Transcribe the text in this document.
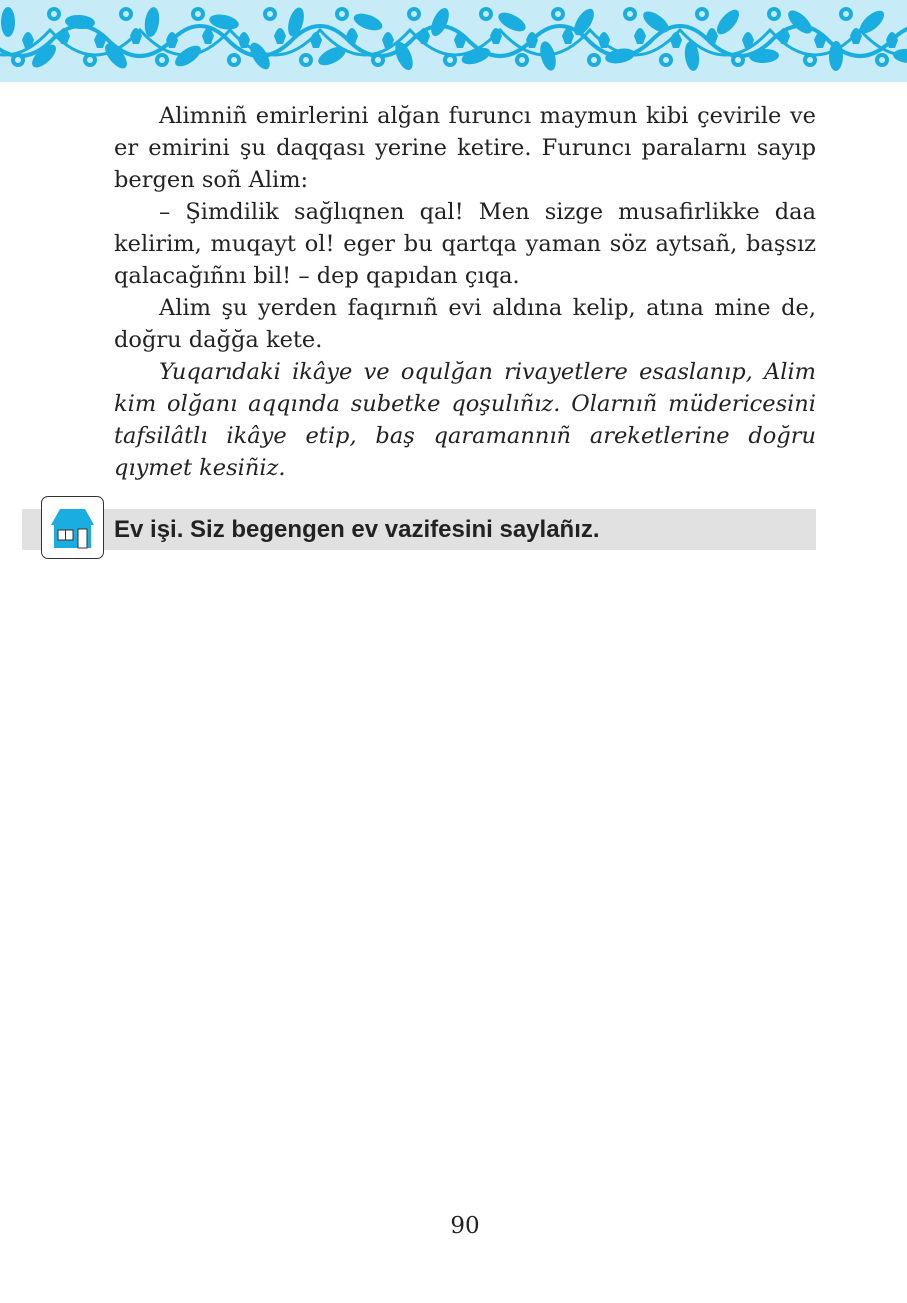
Alimniñ emirlerini alğan furuncı maymun kibi çevirile ve er emirini şu daqqası yerine ketire. Furuncı paralarnı sayıp bergen soñ Alim:

– Şimdilik sağlıqnen qal! Men sizge musafirlikke daa kelirim, muqayt ol! eger bu qartqa yaman söz aytsañ, başsız qalacağıñnı bil! – dep qapıdan çıqa.

Alim şu yerden faqırnıñ evi aldına kelip, atına mine de, doğru dağğa kete.

Yuqarıdaki ikâye ve oqulğan rivayetlere esaslanıp, Alim kim olğanı aqqında subetke qoşulıñız. Olarnıñ müdericesini tafsilâtlı ikâye etip, baş qaramannıñ areketlerine doğru qıymet kesiñiz.

Ev işi. Siz begengen ev vazifesini saylañız.
90
